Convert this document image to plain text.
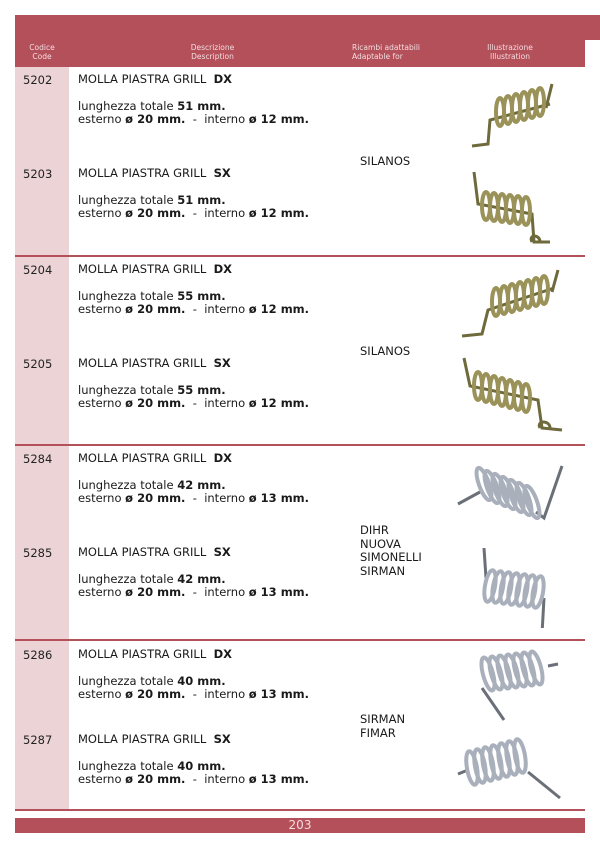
Codice
Code
Descrizione
Description
Ricambi adattabili
Adaptable for
Illustrazione
Illustration
5202 MOLLA PIASTRA GRILL DX
lunghezza totale 51 mm.
esterno ø 20 mm.  -  interno ø 12 mm.
5203 MOLLA PIASTRA GRILL SX
lunghezza totale 51 mm.
esterno ø 20 mm.  -  interno ø 12 mm.
5204 MOLLA PIASTRA GRILL DX
lunghezza totale 55 mm.
esterno ø 20 mm.  -  interno ø 12 mm.
5205 MOLLA PIASTRA GRILL SX
lunghezza totale 55 mm.
esterno ø 20 mm.  -  interno ø 12 mm.
5284 MOLLA PIASTRA GRILL DX
lunghezza totale 42 mm.
esterno ø 20 mm.  -  interno ø 13 mm.
5285 MOLLA PIASTRA GRILL SX
lunghezza totale 42 mm.
esterno ø 20 mm.  -  interno ø 13 mm.
5286 MOLLA PIASTRA GRILL DX
lunghezza totale 40 mm.
esterno ø 20 mm.  -  interno ø 13 mm.
5287 MOLLA PIASTRA GRILL SX
lunghezza totale 40 mm.
esterno ø 20 mm.  -  interno ø 13 mm.
SILANOS
SILANOS
DIHR
NUOVA
SIMONELLI
SIRMAN
SIRMAN
FIMAR
203
